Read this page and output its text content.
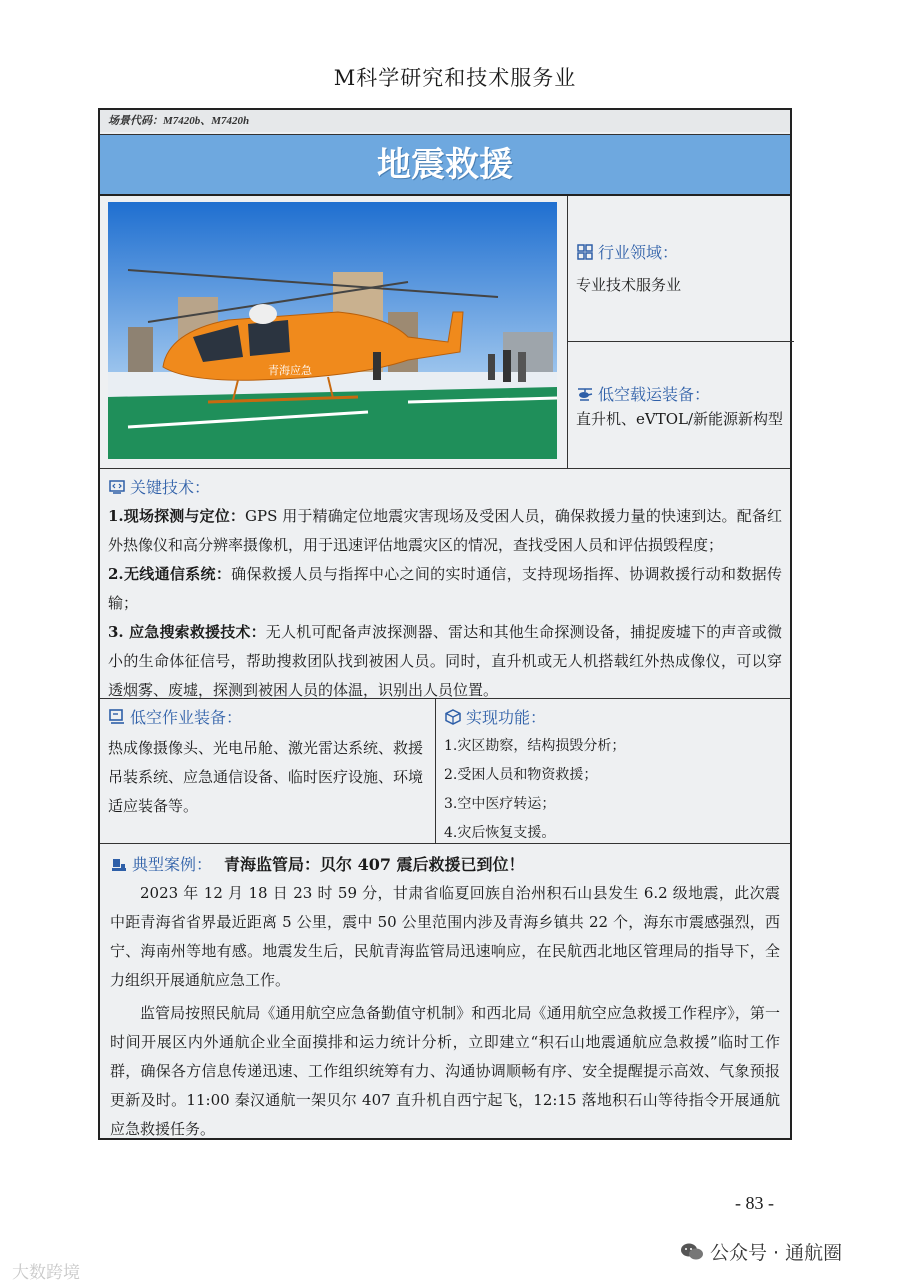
M科学研究和技术服务业
场景代码：M7420b、M7420h
地震救援
青海应急
行业领域：
专业技术服务业
低空载运装备：
直升机、eVTOL/新能源新构型
关键技术：

1.现场探测与定位：GPS 用于精确定位地震灾害现场及受困人员，确保救援力量的快速到达。配备红外热像仪和高分辨率摄像机，用于迅速评估地震灾区的情况，查找受困人员和评估损毁程度；

2.无线通信系统：确保救援人员与指挥中心之间的实时通信，支持现场指挥、协调救援行动和数据传输；

3. 应急搜索救援技术：无人机可配备声波探测器、雷达和其他生命探测设备，捕捉废墟下的声音或微小的生命体征信号，帮助搜救团队找到被困人员。同时，直升机或无人机搭载红外热成像仪，可以穿透烟雾、废墟，探测到被困人员的体温，识别出人员位置。

低空作业装备：
热成像摄像头、光电吊舱、激光雷达系统、救援吊装系统、应急通信设备、临时医疗设施、环境适应装备等。
实现功能：
1.灾区勘察，结构损毁分析；
2.受困人员和物资救援；
3.空中医疗转运；
4.灾后恢复支援。
典型案例： 青海监管局：贝尔 407 震后救援已到位！

2023 年 12 月 18 日 23 时 59 分，甘肃省临夏回族自治州积石山县发生 6.2 级地震，此次震中距青海省省界最近距离 5 公里，震中 50 公里范围内涉及青海乡镇共 22 个，海东市震感强烈，西宁、海南州等地有感。地震发生后，民航青海监管局迅速响应，在民航西北地区管理局的指导下，全力组织开展通航应急工作。

监管局按照民航局《通用航空应急备勤值守机制》和西北局《通用航空应急救援工作程序》，第一时间开展区内外通航企业全面摸排和运力统计分析，立即建立“积石山地震通航应急救援”临时工作群，确保各方信息传递迅速、工作组织统筹有力、沟通协调顺畅有序、安全提醒提示高效、气象预报更新及时。11:00 秦汉通航一架贝尔 407 直升机自西宁起飞，12:15 落地积石山等待指令开展通航应急救援任务。

- 83 -
大数跨境
公众号 · 通航圈
